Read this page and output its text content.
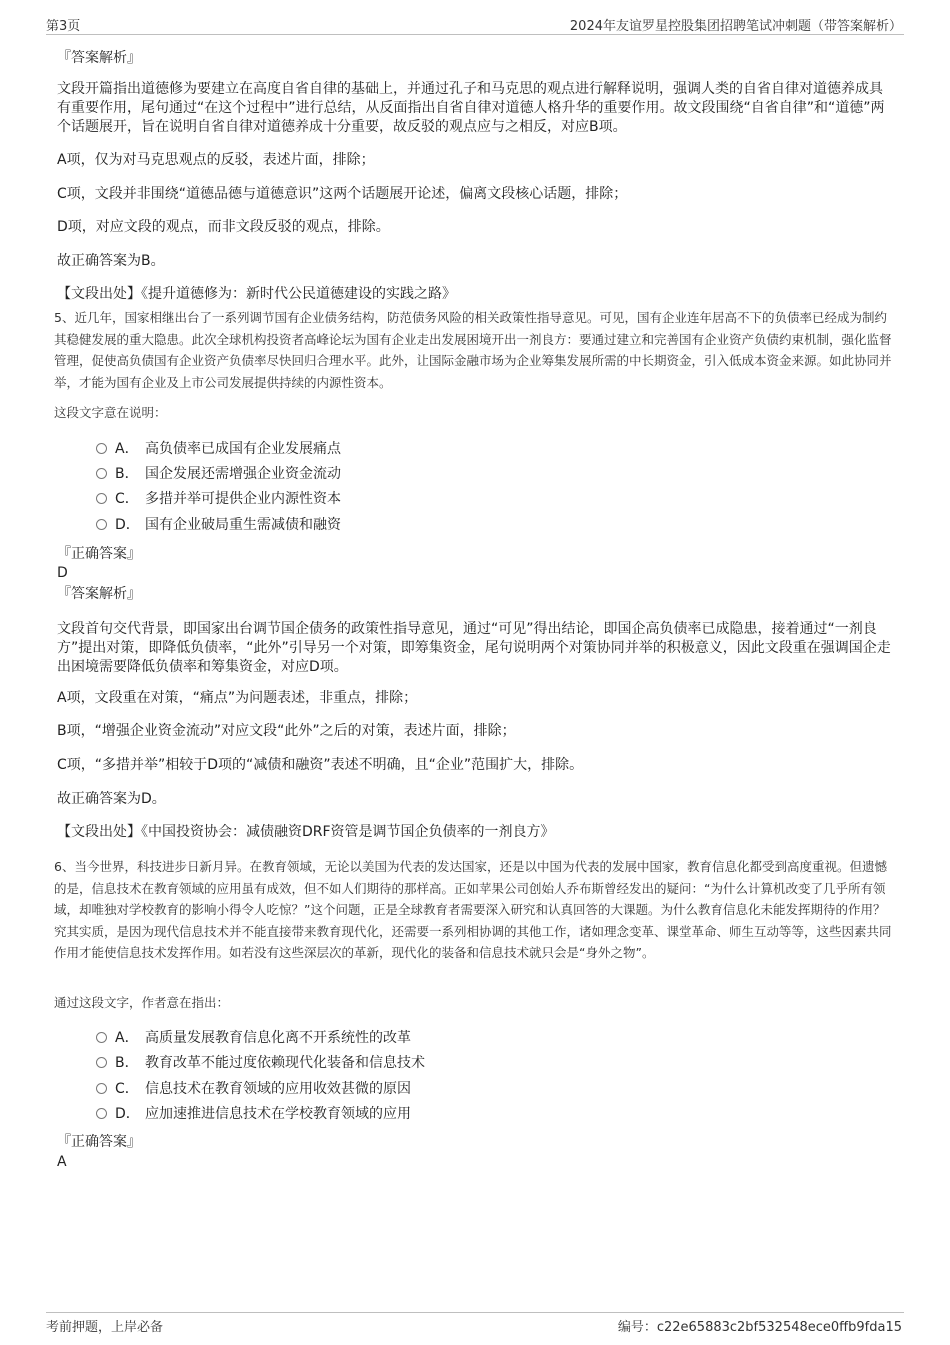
第3页	2024年友谊罗星控股集团招聘笔试冲刺题（带答案解析）
『答案解析』
文段开篇指出道德修为要建立在高度自省自律的基础上，并通过孔子和马克思的观点进行解释说明，强调人类的自省自律对道德养成具有重要作用，尾句通过“在这个过程中”进行总结，从反面指出自省自律对道德人格升华的重要作用。故文段围绕“自省自律”和“道德”两个话题展开，旨在说明自省自律对道德养成十分重要，故反驳的观点应与之相反，对应B项。
A项，仅为对马克思观点的反驳，表述片面，排除；
C项，文段并非围绕“道德品德与道德意识”这两个话题展开论述，偏离文段核心话题，排除；
D项，对应文段的观点，而非文段反驳的观点，排除。
故正确答案为B。
【文段出处】《提升道德修为：新时代公民道德建设的实践之路》
5、近几年，国家相继出台了一系列调节国有企业债务结构，防范债务风险的相关政策性指导意见。可见，国有企业连年居高不下的负债率已经成为制约其稳健发展的重大隐患。此次全球机构投资者高峰论坛为国有企业走出发展困境开出一剂良方：要通过建立和完善国有企业资产负债约束机制，强化监督管理，促使高负债国有企业资产负债率尽快回归合理水平。此外，让国际金融市场为企业筹集发展所需的中长期资金，引入低成本资金来源。如此协同并举，才能为国有企业及上市公司发展提供持续的内源性资本。
这段文字意在说明：
A． 高负债率已成国有企业发展痛点
B． 国企发展还需增强企业资金流动
C． 多措并举可提供企业内源性资本
D． 国有企业破局重生需减债和融资
『正确答案』
D
『答案解析』
文段首句交代背景，即国家出台调节国企债务的政策性指导意见，通过“可见”得出结论，即国企高负债率已成隐患，接着通过“一剂良方”提出对策，即降低负债率，“此外”引导另一个对策，即筹集资金，尾句说明两个对策协同并举的积极意义，因此文段重在强调国企走出困境需要降低负债率和筹集资金，对应D项。
A项，文段重在对策，“痛点”为问题表述，非重点，排除；
B项，“增强企业资金流动”对应文段“此外”之后的对策，表述片面，排除；
C项，“多措并举”相较于D项的“减债和融资”表述不明确，且“企业”范围扩大，排除。
故正确答案为D。
【文段出处】《中国投资协会：减债融资DRF资管是调节国企负债率的一剂良方》
6、当今世界，科技进步日新月异。在教育领域，无论以美国为代表的发达国家，还是以中国为代表的发展中国家，教育信息化都受到高度重视。但遗憾的是，信息技术在教育领域的应用虽有成效，但不如人们期待的那样高。正如苹果公司创始人乔布斯曾经发出的疑问：“为什么计算机改变了几乎所有领域，却唯独对学校教育的影响小得令人吃惊？”这个问题，正是全球教育者需要深入研究和认真回答的大课题。为什么教育信息化未能发挥期待的作用？究其实质，是因为现代信息技术并不能直接带来教育现代化，还需要一系列相协调的其他工作，诸如理念变革、课堂革命、师生互动等等，这些因素共同作用才能使信息技术发挥作用。如若没有这些深层次的革新，现代化的装备和信息技术就只会是“身外之物”。
通过这段文字，作者意在指出：
A． 高质量发展教育信息化离不开系统性的改革
B． 教育改革不能过度依赖现代化装备和信息技术
C． 信息技术在教育领域的应用收效甚微的原因
D． 应加速推进信息技术在学校教育领域的应用
『正确答案』
A
考前押题，上岸必备	编号：c22e65883c2bf532548ece0ffb9fda15
